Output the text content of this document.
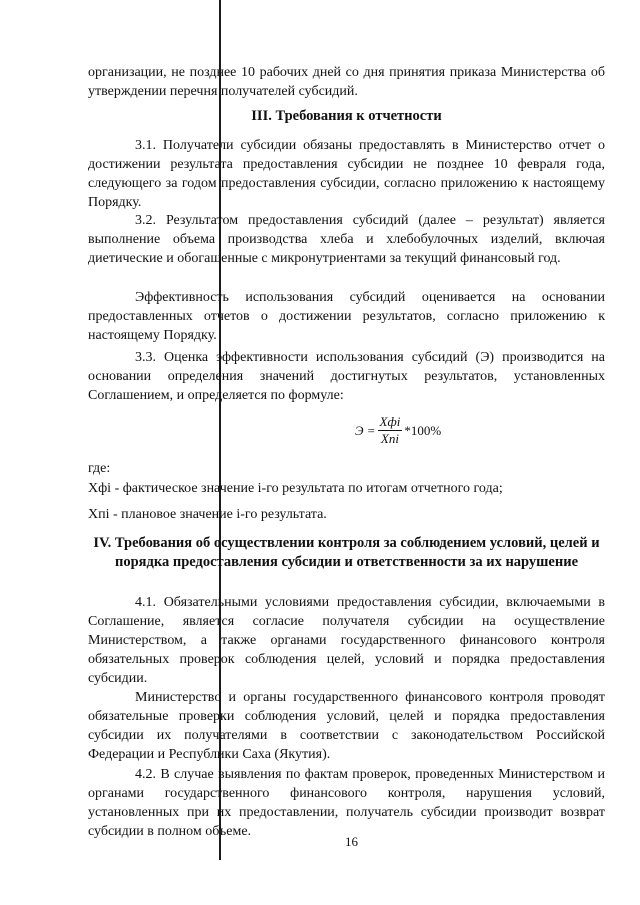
организации, не позднее 10 рабочих дней со дня принятия приказа Министерства об утверждении перечня получателей субсидий.

III. Требования к отчетности

3.1. Получатели субсидии обязаны предоставлять в Министерство отчет о достижении результата предоставления субсидии не позднее 10 февраля года, следующего за годом предоставления субсидии, согласно приложению к настоящему Порядку.

3.2. Результатом предоставления субсидий (далее – результат) является выполнение объема производства хлеба и хлебобулочных изделий, включая диетические и обогащенные с микронутриентами за текущий финансовый год.

Эффективность использования субсидий оценивается на основании предоставленных отчетов о достижении результатов, согласно приложению к настоящему Порядку.

3.3. Оценка эффективности использования субсидий (Э) производится на основании определения значений достигнутых результатов, установленных Соглашением, и определяется по формуле:

$Э = \frac{\text{Xфi}}{\text{Xпi}} *100\%$

где:

Xфi - фактическое значение i-го результата по итогам отчетного года;

Xпi - плановое значение i-го результата.

IV. Требования об осуществлении контроля за соблюдением условий, целей и порядка предоставления субсидии и ответственности за их нарушение

4.1. Обязательными условиями предоставления субсидии, включаемыми в Соглашение, является согласие получателя субсидии на осуществление Министерством, а также органами государственного финансового контроля обязательных проверок соблюдения целей, условий и порядка предоставления субсидии.

Министерство и органы государственного финансового контроля проводят обязательные проверки соблюдения условий, целей и порядка предоставления субсидии их получателями в соответствии с законодательством Российской Федерации и Республики Саха (Якутия).

4.2. В случае выявления по фактам проверок, проведенных Министерством и органами государственного финансового контроля, нарушения условий, установленных при их предоставлении, получатель субсидии производит возврат субсидии в полном объеме.

16
